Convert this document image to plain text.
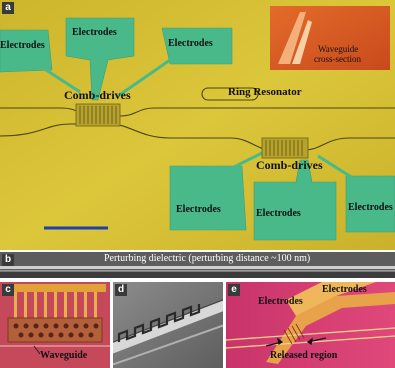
a
Electrodes
Electrodes
Electrodes
Electrodes	Electrodes
Electrodes
Comb-drives
Comb-drives
Ring Resonator
Waveguide
cross-section
b	Perturbing dielectric (perturbing distance ~100 nm)
c
Waveguide
d	e
Electrodes
Electrodes
Released region
